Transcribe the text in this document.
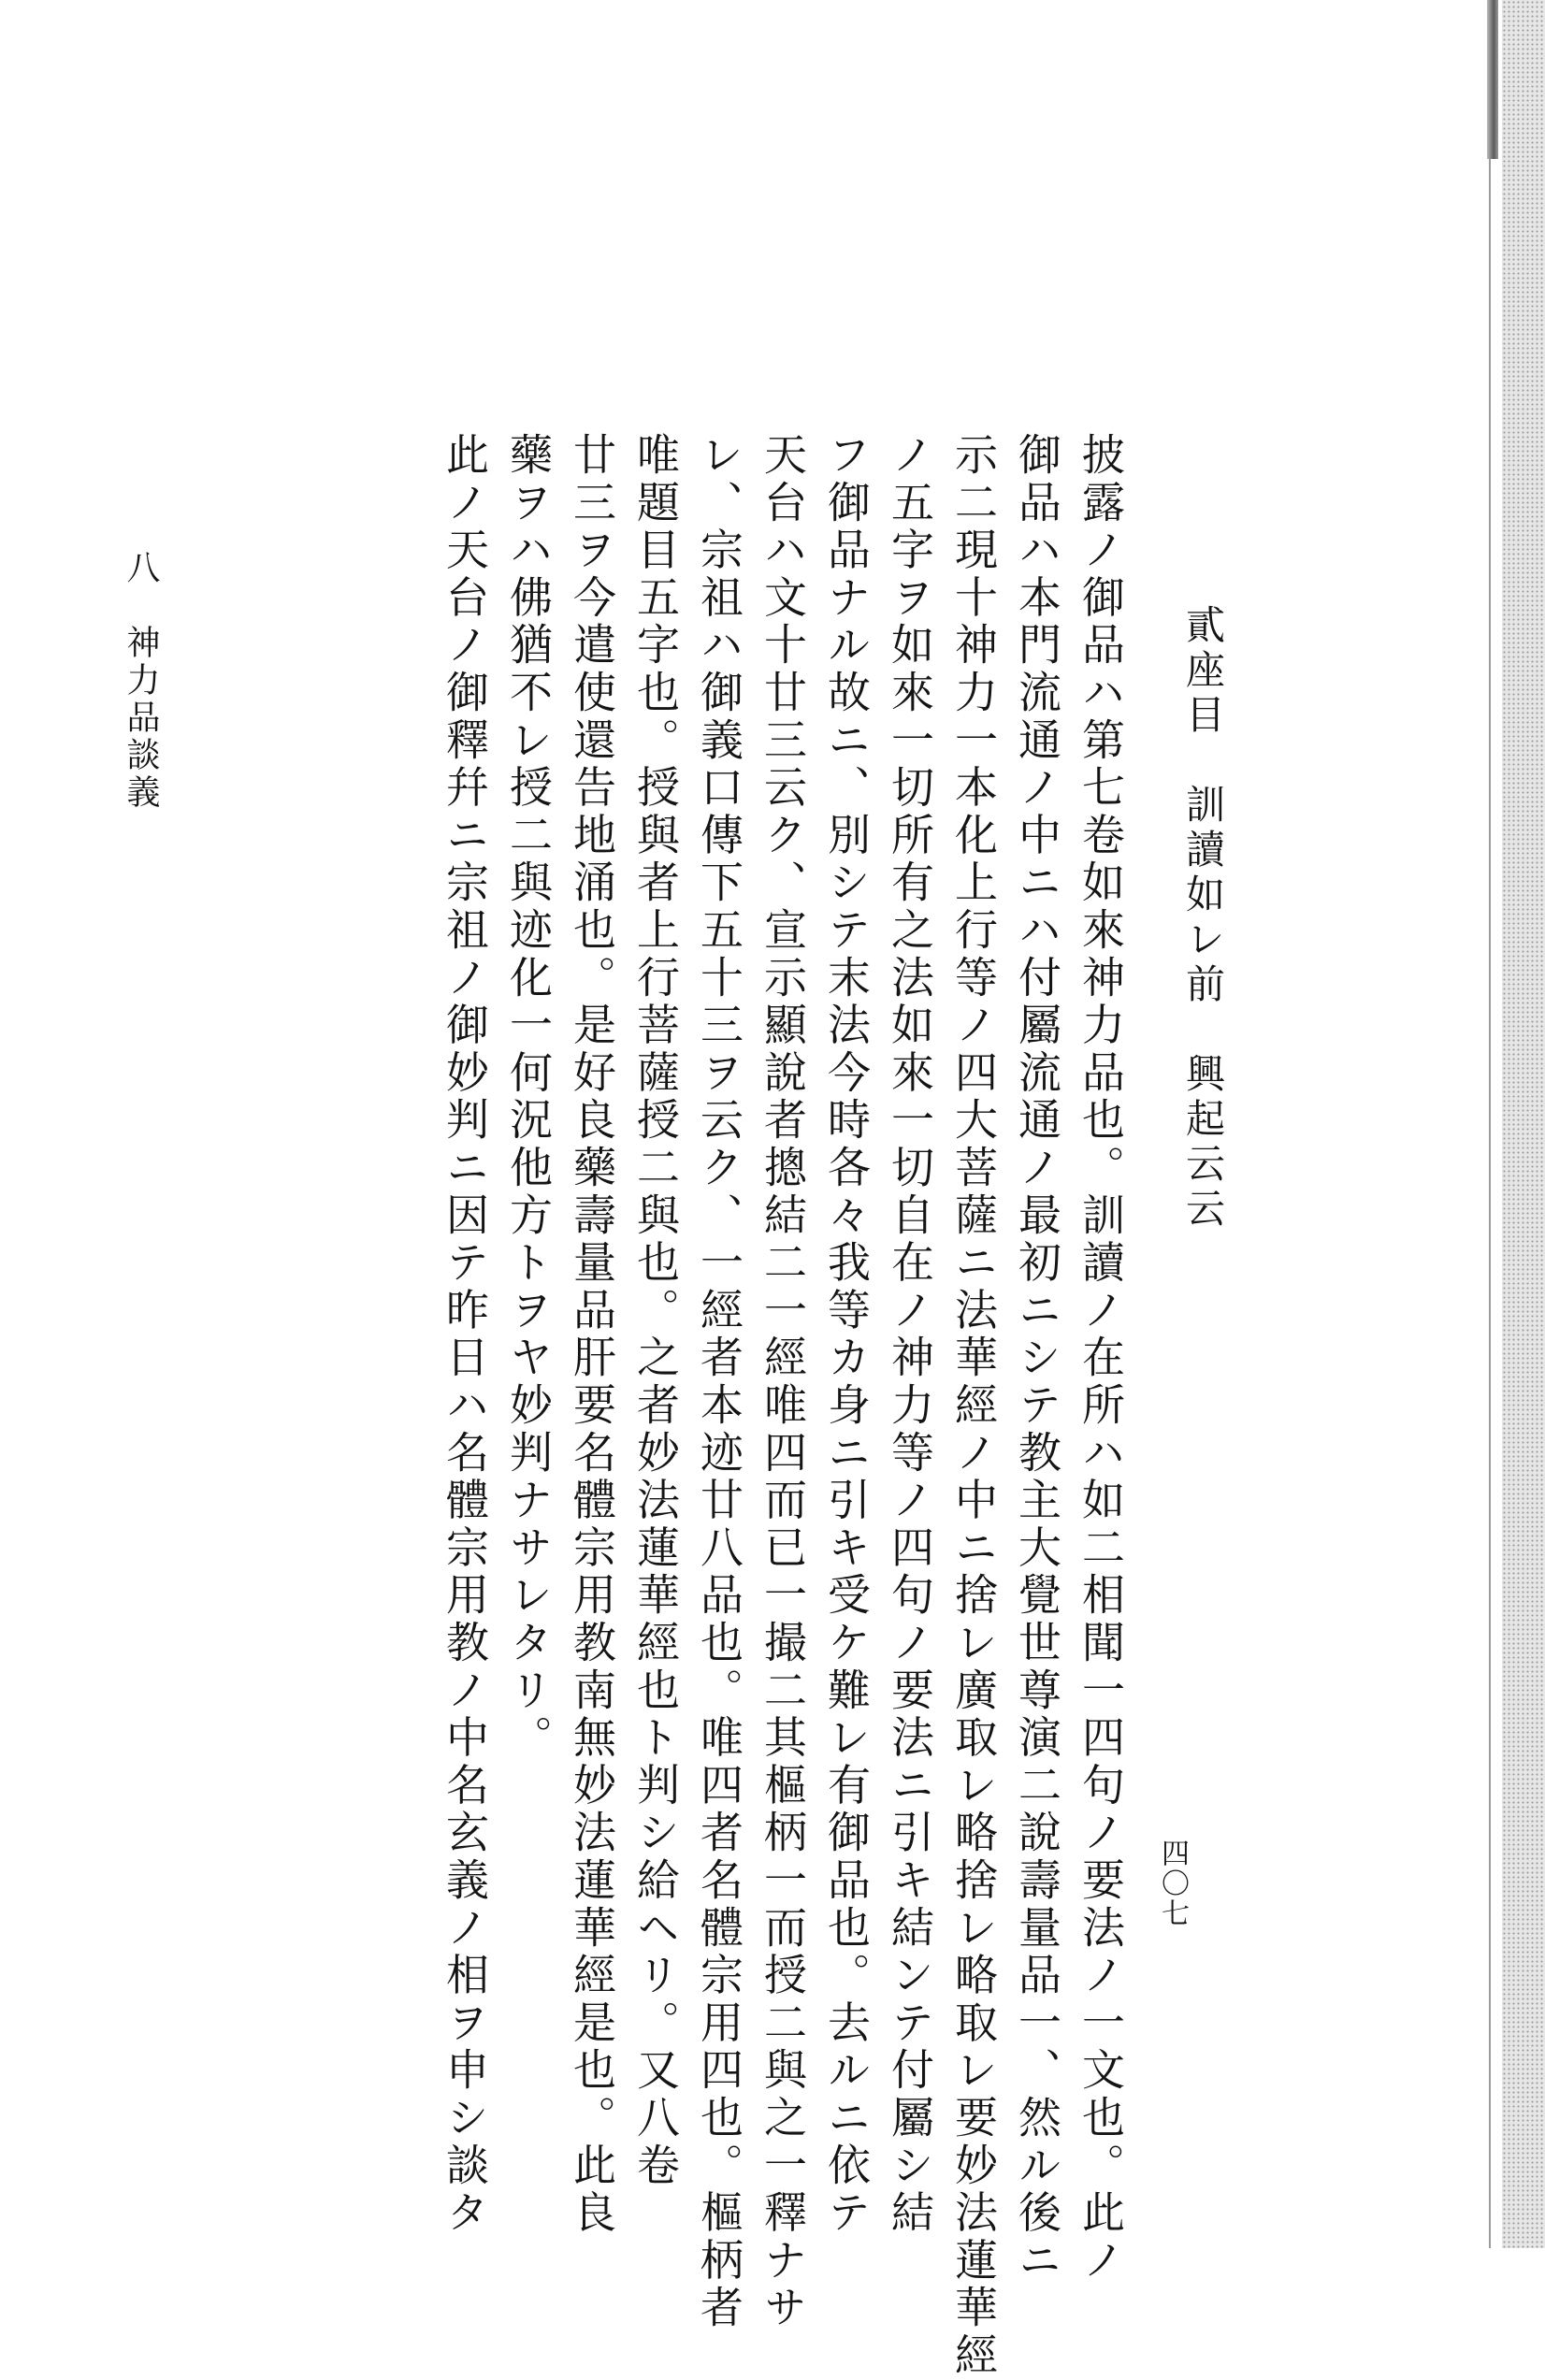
貳座目　訓讀如レ前　興起云云
披露ノ御品ハ第七卷如來神力品也。訓讀ノ在所ハ如二相聞一四句ノ要法ノ一文也。此ノ
御品ハ本門流通ノ中ニハ付屬流通ノ最初ニシテ教主大覺世尊演二說壽量品一、然ル後ニ
示二現十神力一本化上行等ノ四大菩薩ニ法華經ノ中ニ捨レ廣取レ略捨レ略取レ要妙法蓮華經
ノ五字ヲ如來一切所有之法如來一切自在ノ神力等ノ四句ノ要法ニ引キ結ンテ付屬シ結
フ御品ナル故ニ、別シテ末法今時各々我等カ身ニ引キ受ケ難レ有御品也。去ルニ依テ
天台ハ文十廿三云ク、宣示顯說者摠結二一經唯四而已一撮二其樞柄一而授二與之一釋ナサ
レ、宗祖ハ御義口傳下五十三ヲ云ク、一經者本迹廿八品也。唯四者名體宗用四也。樞柄者
唯題目五字也。授與者上行菩薩授二與也。之者妙法蓮華經也ト判シ給ヘリ。又八卷
廿三ヲ今遣使還告地涌也。是好良藥壽量品肝要名體宗用教南無妙法蓮華經是也。此良
藥ヲハ佛猶不レ授二與迹化一何況他方トヲヤ妙判ナサレタリ。
此ノ天台ノ御釋幷ニ宗祖ノ御妙判ニ因テ昨日ハ名體宗用教ノ中名玄義ノ相ヲ申シ談タ
八　神力品談義
四〇七
